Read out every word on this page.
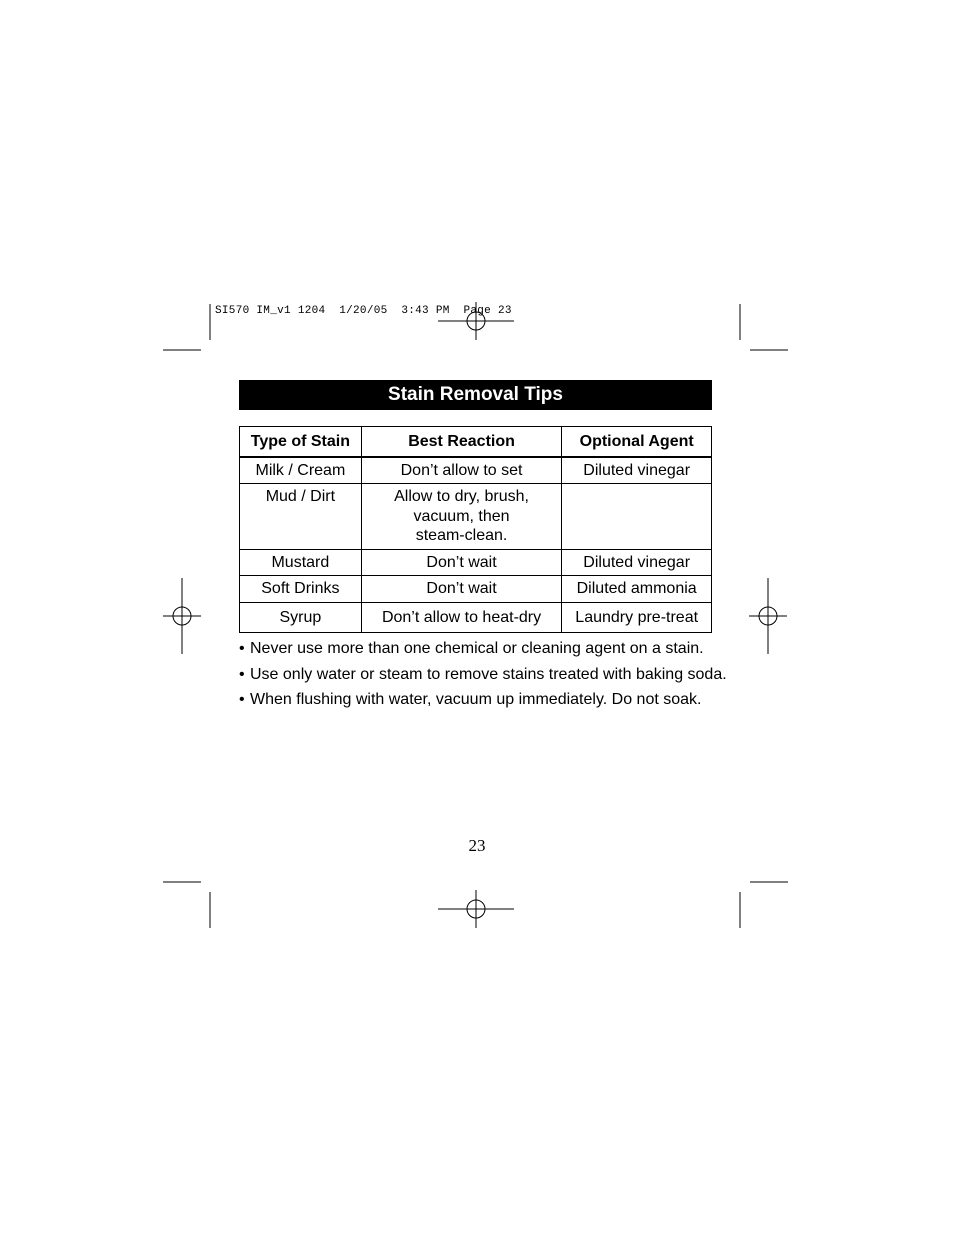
SI570 IM_v1 1204  1/20/05  3:43 PM  Page 23
Stain Removal Tips
Type of Stain	Best Reaction	Optional Agent
Milk / Cream	Don’t allow to set	Diluted vinegar
Mud / Dirt	Allow to dry, brush, vacuum, then steam-clean.	
Mustard	Don’t wait	Diluted vinegar
Soft Drinks	Don’t wait	Diluted ammonia
Syrup	Don’t allow to heat-dry	Laundry pre-treat
• Never use more than one chemical or cleaning agent on a stain.
• Use only water or steam to remove stains treated with baking soda.
• When flushing with water, vacuum up immediately. Do not soak.
23
